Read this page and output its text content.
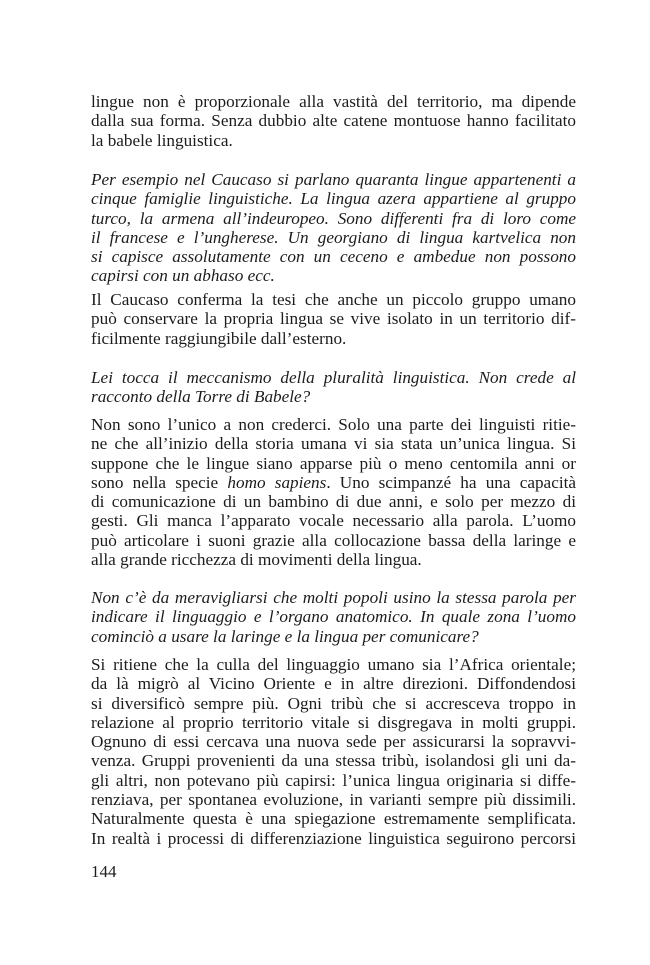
144
lingue non è proporzionale alla vastità del territorio, ma dipende
dalla sua forma. Senza dubbio alte catene montuose hanno facilitato
la babele linguistica.
Per esempio nel Caucaso si parlano quaranta lingue appartenenti a
cinque famiglie linguistiche. La lingua azera appartiene al gruppo
turco, la armena all’indeuropeo. Sono differenti fra di loro come
il francese e l’ungherese. Un georgiano di lingua kartvelica non
si capisce assolutamente con un ceceno e ambedue non possono
capirsi con un abhaso ecc.
Il Caucaso conferma la tesi che anche un piccolo gruppo umano
può conservare la propria lingua se vive isolato in un territorio dif-
ficilmente raggiungibile dall’esterno.
Lei tocca il meccanismo della pluralità linguistica. Non crede al
racconto della Torre di Babele?
Non sono l’unico a non crederci. Solo una parte dei linguisti ritie-
ne che all’inizio della storia umana vi sia stata un’unica lingua. Si
suppone che le lingue siano apparse più o meno centomila anni or
sono nella specie homo sapiens. Uno scimpanzé ha una capacità
di comunicazione di un bambino di due anni, e solo per mezzo di
gesti. Gli manca l’apparato vocale necessario alla parola. L’uomo
può articolare i suoni grazie alla collocazione bassa della laringe e
alla grande ricchezza di movimenti della lingua.
Non c’è da meravigliarsi che molti popoli usino la stessa parola per
indicare il linguaggio e l’organo anatomico. In quale zona l’uomo
cominciò a usare la laringe e la lingua per comunicare?
Si ritiene che la culla del linguaggio umano sia l’Africa orientale;
da là migrò al Vicino Oriente e in altre direzioni. Diffondendosi
si diversificò sempre più. Ogni tribù che si accresceva troppo in
relazione al proprio territorio vitale si disgregava in molti gruppi.
Ognuno di essi cercava una nuova sede per assicurarsi la sopravvi-
venza. Gruppi provenienti da una stessa tribù, isolandosi gli uni da-
gli altri, non potevano più capirsi: l’unica lingua originaria si diffe-
renziava, per spontanea evoluzione, in varianti sempre più dissimili.
Naturalmente questa è una spiegazione estremamente semplificata.
In realtà i processi di differenziazione linguistica seguirono percorsi
